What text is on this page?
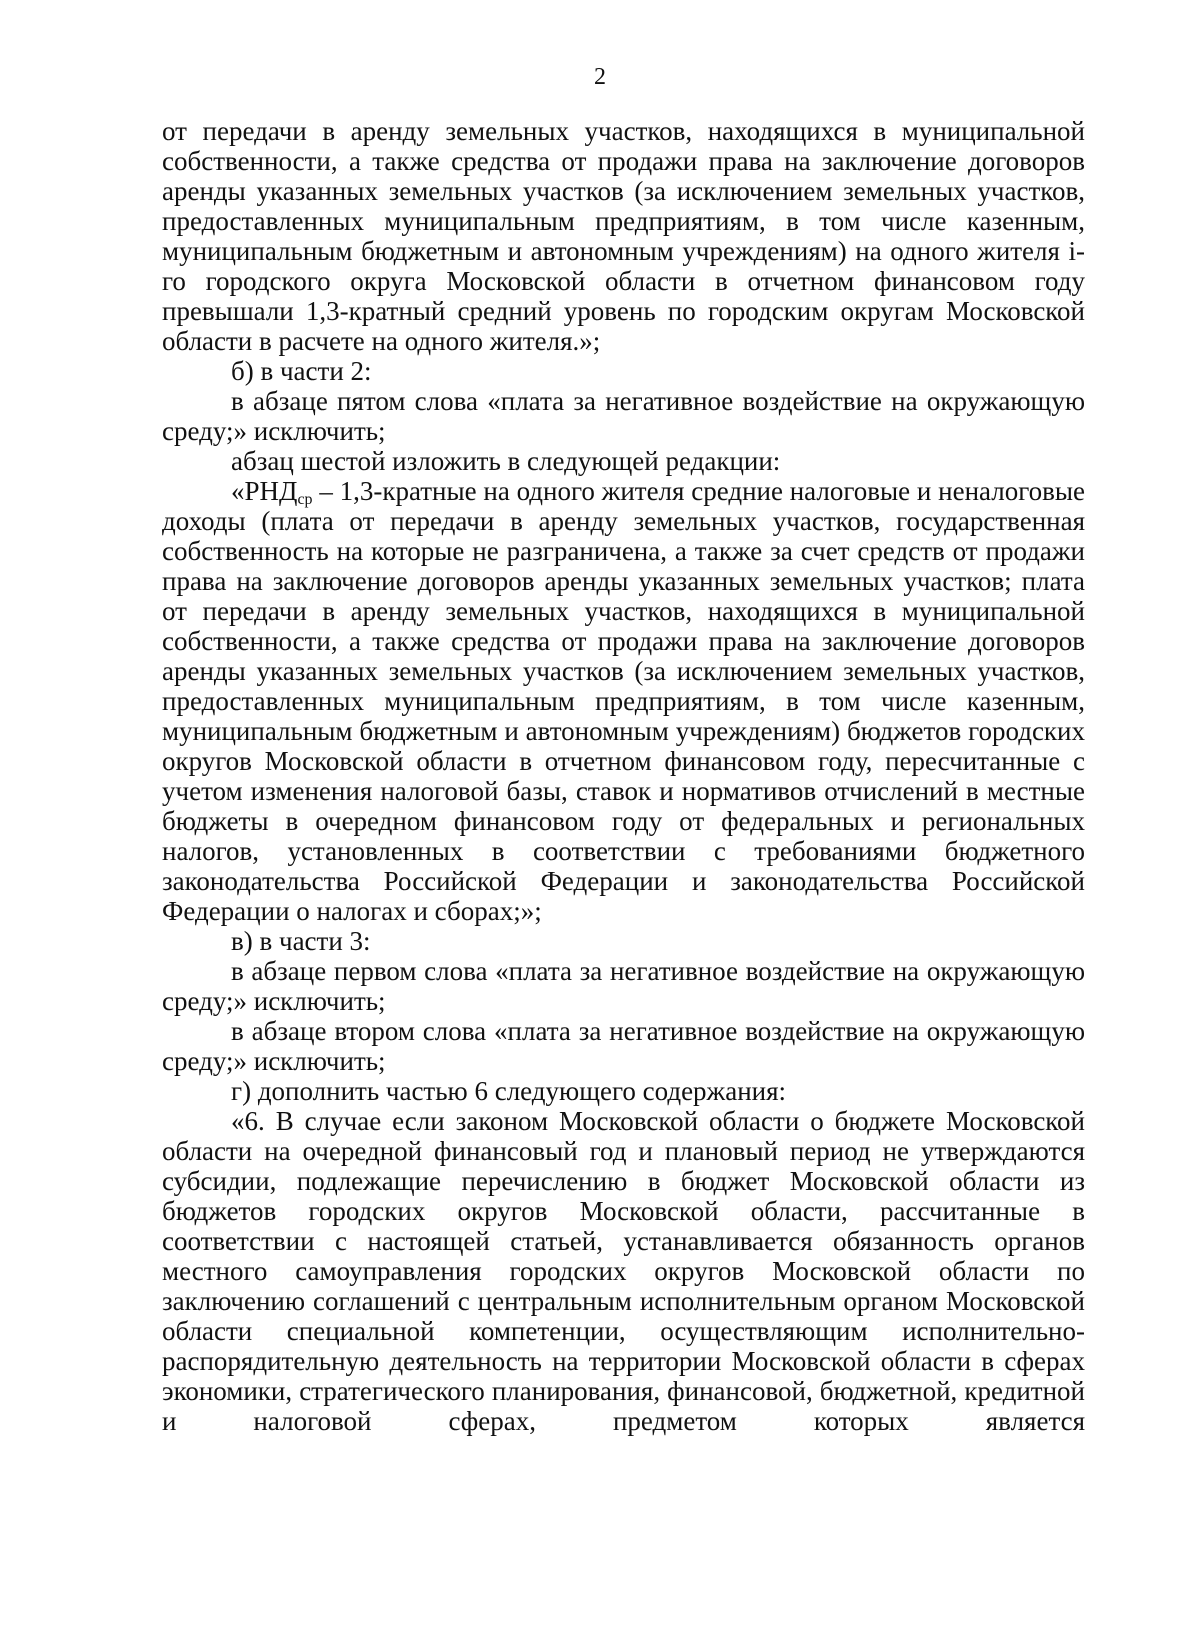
2

от передачи в аренду земельных участков, находящихся в муниципальной собственности, а также средства от продажи права на заключение договоров аренды указанных земельных участков (за исключением земельных участков, предоставленных муниципальным предприятиям, в том числе казенным, муниципальным бюджетным и автономным учреждениям) на одного жителя i-го городского округа Московской области в отчетном финансовом году превышали 1,3-кратный средний уровень по городским округам Московской области в расчете на одного жителя.»;

б) в части 2:

в абзаце пятом слова «плата за негативное воздействие на окружающую среду;» исключить;

абзац шестой изложить в следующей редакции:

«$РНД_{ср}$ – 1,3-кратные на одного жителя средние налоговые и неналоговые доходы (плата от передачи в аренду земельных участков, государственная собственность на которые не разграничена, а также за счет средств от продажи права на заключение договоров аренды указанных земельных участков; плата от передачи в аренду земельных участков, находящихся в муниципальной собственности, а также средства от продажи права на заключение договоров аренды указанных земельных участков (за исключением земельных участков, предоставленных муниципальным предприятиям, в том числе казенным, муниципальным бюджетным и автономным учреждениям) бюджетов городских округов Московской области в отчетном финансовом году, пересчитанные с учетом изменения налоговой базы, ставок и нормативов отчислений в местные бюджеты в очередном финансовом году от федеральных и региональных налогов, установленных в соответствии с требованиями бюджетного законодательства Российской Федерации и законодательства Российской Федерации о налогах и сборах;»;

в) в части 3:

в абзаце первом слова «плата за негативное воздействие на окружающую среду;» исключить;

в абзаце втором слова «плата за негативное воздействие на окружающую среду;» исключить;

г) дополнить частью 6 следующего содержания:

«6. В случае если законом Московской области о бюджете Московской области на очередной финансовый год и плановый период не утверждаются субсидии, подлежащие перечислению в бюджет Московской области из бюджетов городских округов Московской области, рассчитанные в соответствии с настоящей статьей, устанавливается обязанность органов местного самоуправления городских округов Московской области по заключению соглашений с центральным исполнительным органом Московской области специальной компетенции, осуществляющим исполнительно-распорядительную деятельность на территории Московской области в сферах экономики, стратегического планирования, финансовой, бюджетной, кредитной и налоговой сферах, предметом которых является
